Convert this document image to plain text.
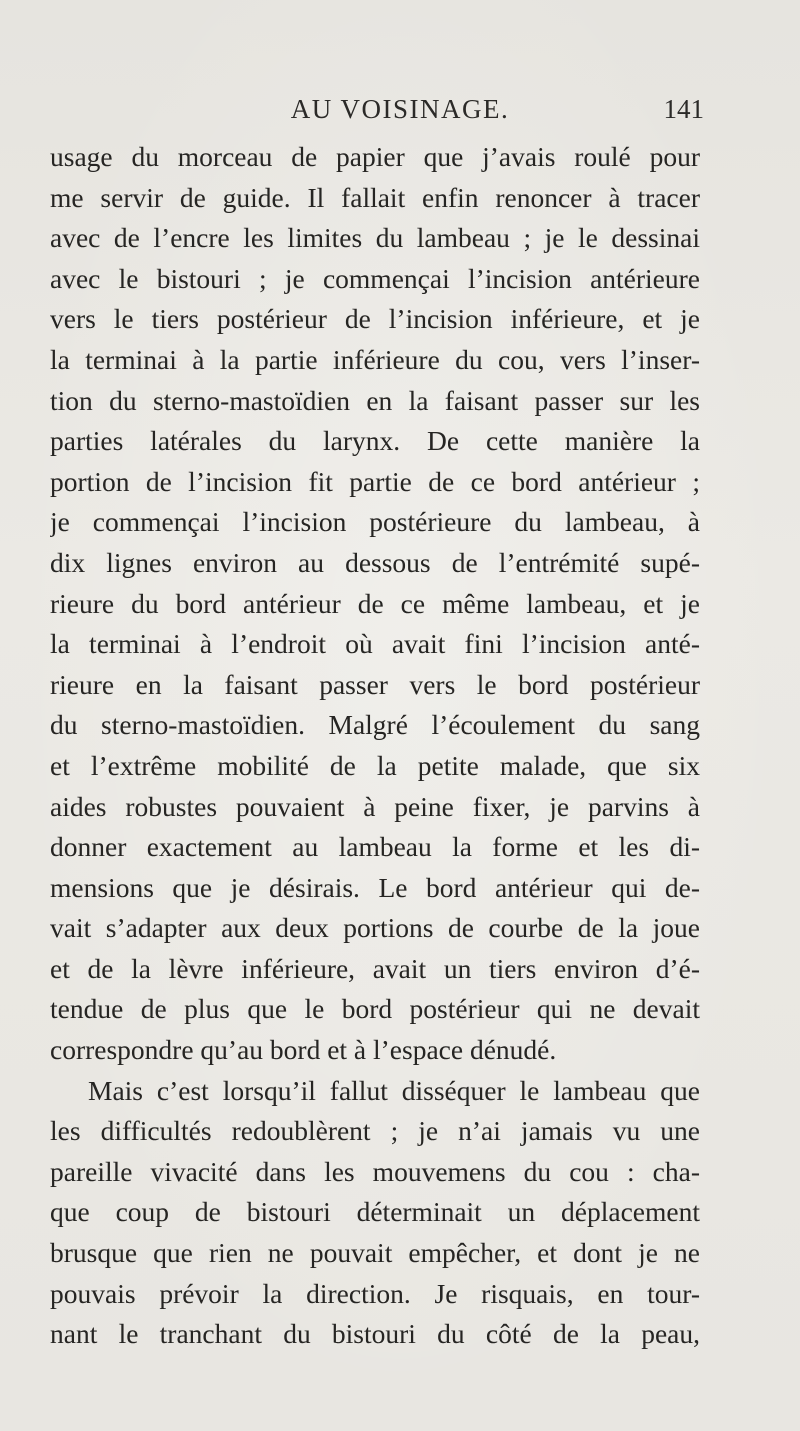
AU VOISINAGE.	141
usage du morceau de papier que j’avais roulé pour
me servir de guide. Il fallait enfin renoncer à tracer
avec de l’encre les limites du lambeau ; je le dessinai
avec le bistouri ; je commençai l’incision antérieure
vers le tiers postérieur de l’incision inférieure, et je
la terminai à la partie inférieure du cou, vers l’inser-
tion du sterno-mastoïdien en la faisant passer sur les
parties latérales du larynx. De cette manière la
portion de l’incision fit partie de ce bord antérieur ;
je commençai l’incision postérieure du lambeau, à
dix lignes environ au dessous de l’entrémité supé-
rieure du bord antérieur de ce même lambeau, et je
la terminai à l’endroit où avait fini l’incision anté-
rieure en la faisant passer vers le bord postérieur
du sterno-mastoïdien. Malgré l’écoulement du sang
et l’extrême mobilité de la petite malade, que six
aides robustes pouvaient à peine fixer, je parvins à
donner exactement au lambeau la forme et les di-
mensions que je désirais. Le bord antérieur qui de-
vait s’adapter aux deux portions de courbe de la joue
et de la lèvre inférieure, avait un tiers environ d’é-
tendue de plus que le bord postérieur qui ne devait
correspondre qu’au bord et à l’espace dénudé.
Mais c’est lorsqu’il fallut disséquer le lambeau que
les difficultés redoublèrent ; je n’ai jamais vu une
pareille vivacité dans les mouvemens du cou : cha-
que coup de bistouri déterminait un déplacement
brusque que rien ne pouvait empêcher, et dont je ne
pouvais prévoir la direction. Je risquais, en tour-
nant le tranchant du bistouri du côté de la peau,
